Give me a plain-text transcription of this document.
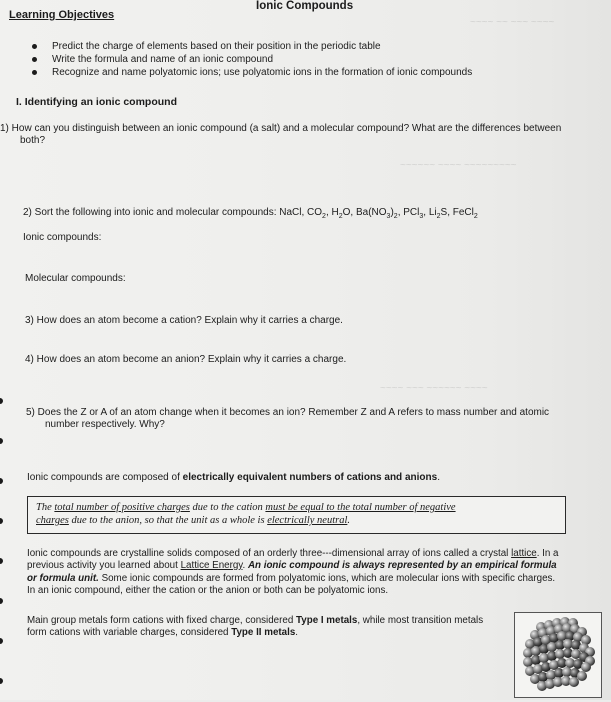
~~~~ ~~ ~~~ ~~~~
~~~~~~ ~~~~ ~~~~~~~~~
~~~~ ~~~ ~~~~~~ ~~~~
Ionic Compounds
Learning Objectives
Predict the charge of elements based on their position in the periodic table
Write the formula and name of an ionic compound
Recognize and name polyatomic ions; use polyatomic ions in the formation of ionic compounds
I. Identifying an ionic compound
1) How can you distinguish between an ionic compound (a salt) and a molecular compound? What are the differences between
both?
2) Sort the following into ionic and molecular compounds: NaCl, $CO_2$, $H_2O$, $Ba(NO_3)_2$, PCl$_3$, $Li_2S$, FeCl$_2$
Ionic compounds:
Molecular compounds:
3) How does an atom become a cation? Explain why it carries a charge.
4) How does an atom become an anion? Explain why it carries a charge.
5) Does the Z or A of an atom change when it becomes an ion? Remember Z and A refers to mass number and atomic
number respectively. Why?
Ionic compounds are composed of electrically equivalent numbers of cations and anions.
The total number of positive charges due to the cation must be equal to the total number of negative
charges due to the anion, so that the unit as a whole is electrically neutral.
Ionic compounds are crystalline solids composed of an orderly three---dimensional array of ions called a crystal lattice. In a
previous activity you learned about Lattice Energy. An ionic compound is always represented by an empirical formula
or formula unit. Some ionic compounds are formed from polyatomic ions, which are molecular ions with specific charges.
In an ionic compound, either the cation or the anion or both can be polyatomic ions.
Main group metals form cations with fixed charge, considered Type I metals, while most transition metals
form cations with variable charges, considered Type II metals.
